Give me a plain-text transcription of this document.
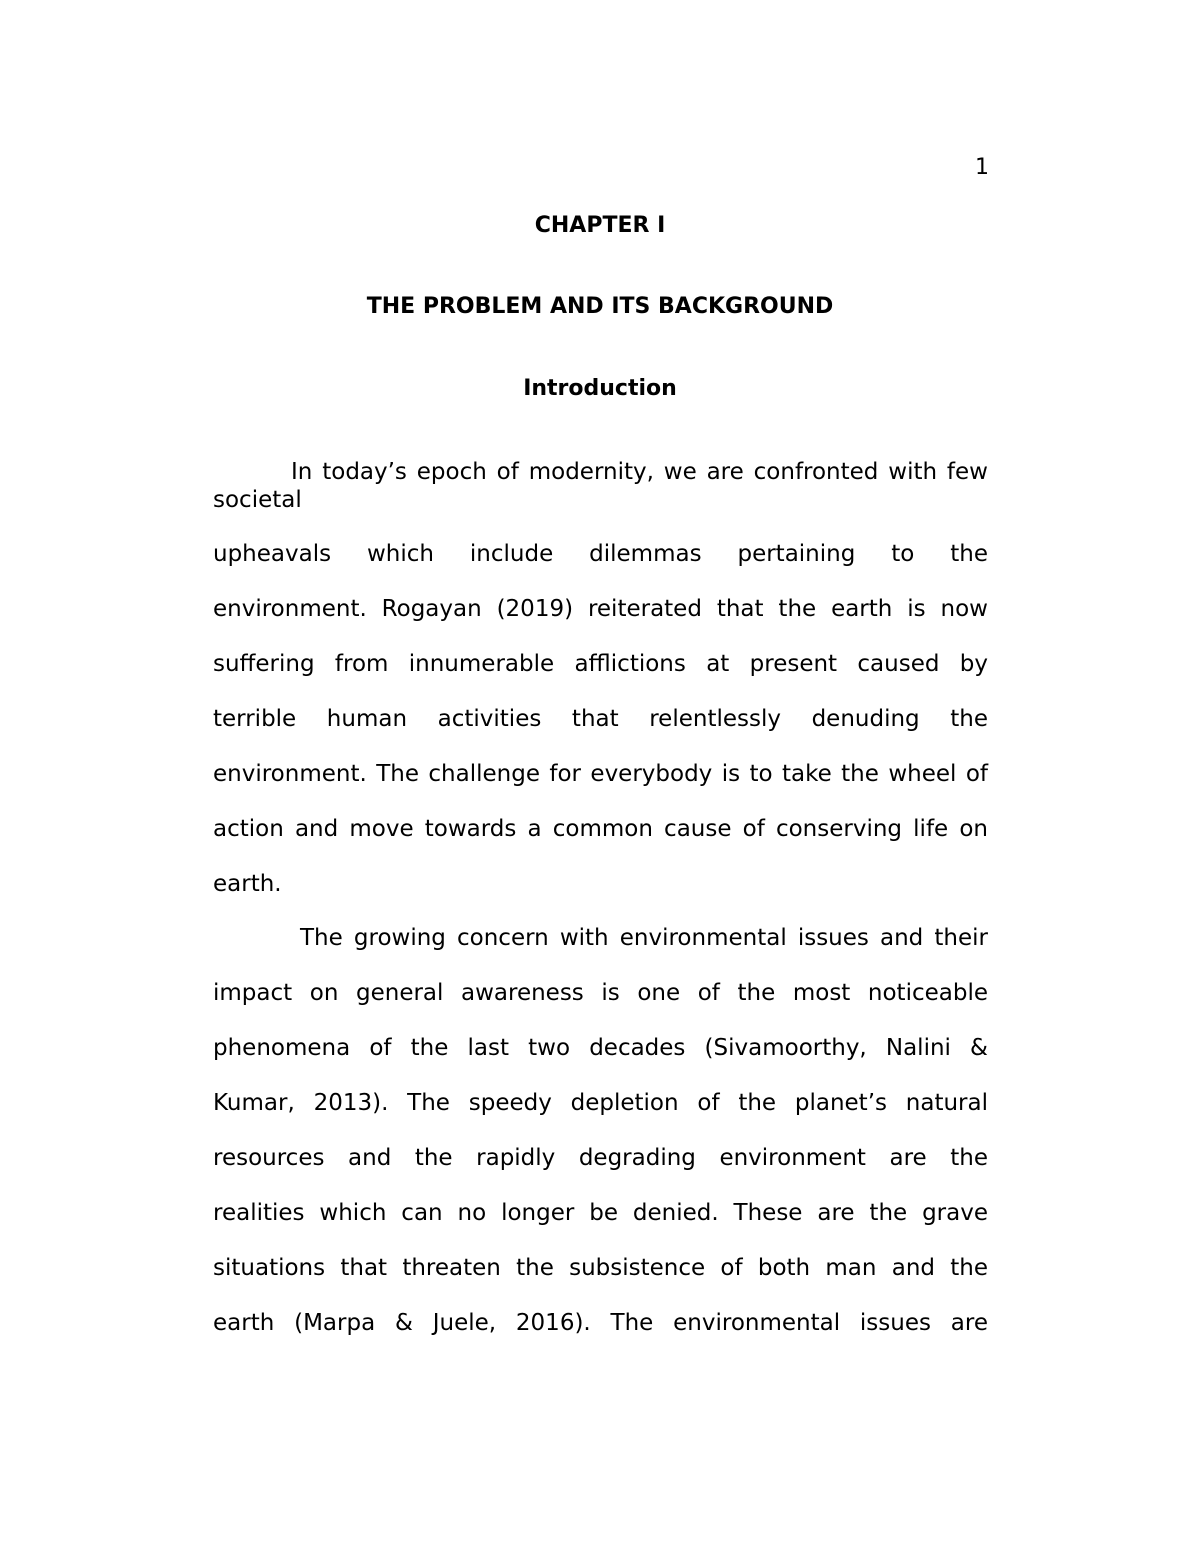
1
CHAPTER I
THE PROBLEM AND ITS BACKGROUND
Introduction
In today’s epoch of modernity, we are confronted with few
societal
upheavals which include dilemmas pertaining to the
environment. Rogayan (2019) reiterated that the earth is now
suffering from innumerable afflictions at present caused by
terrible human activities that relentlessly denuding the
environment. The challenge for everybody is to take the wheel of
action and move towards a common cause of conserving life on
earth.
The growing concern with environmental issues and their
impact on general awareness is one of the most noticeable
phenomena of the last two decades (Sivamoorthy, Nalini &
Kumar, 2013). The speedy depletion of the planet’s natural
resources and the rapidly degrading environment are the
realities which can no longer be denied. These are the grave
situations that threaten the subsistence of both man and the
earth (Marpa & Juele, 2016). The environmental issues are
